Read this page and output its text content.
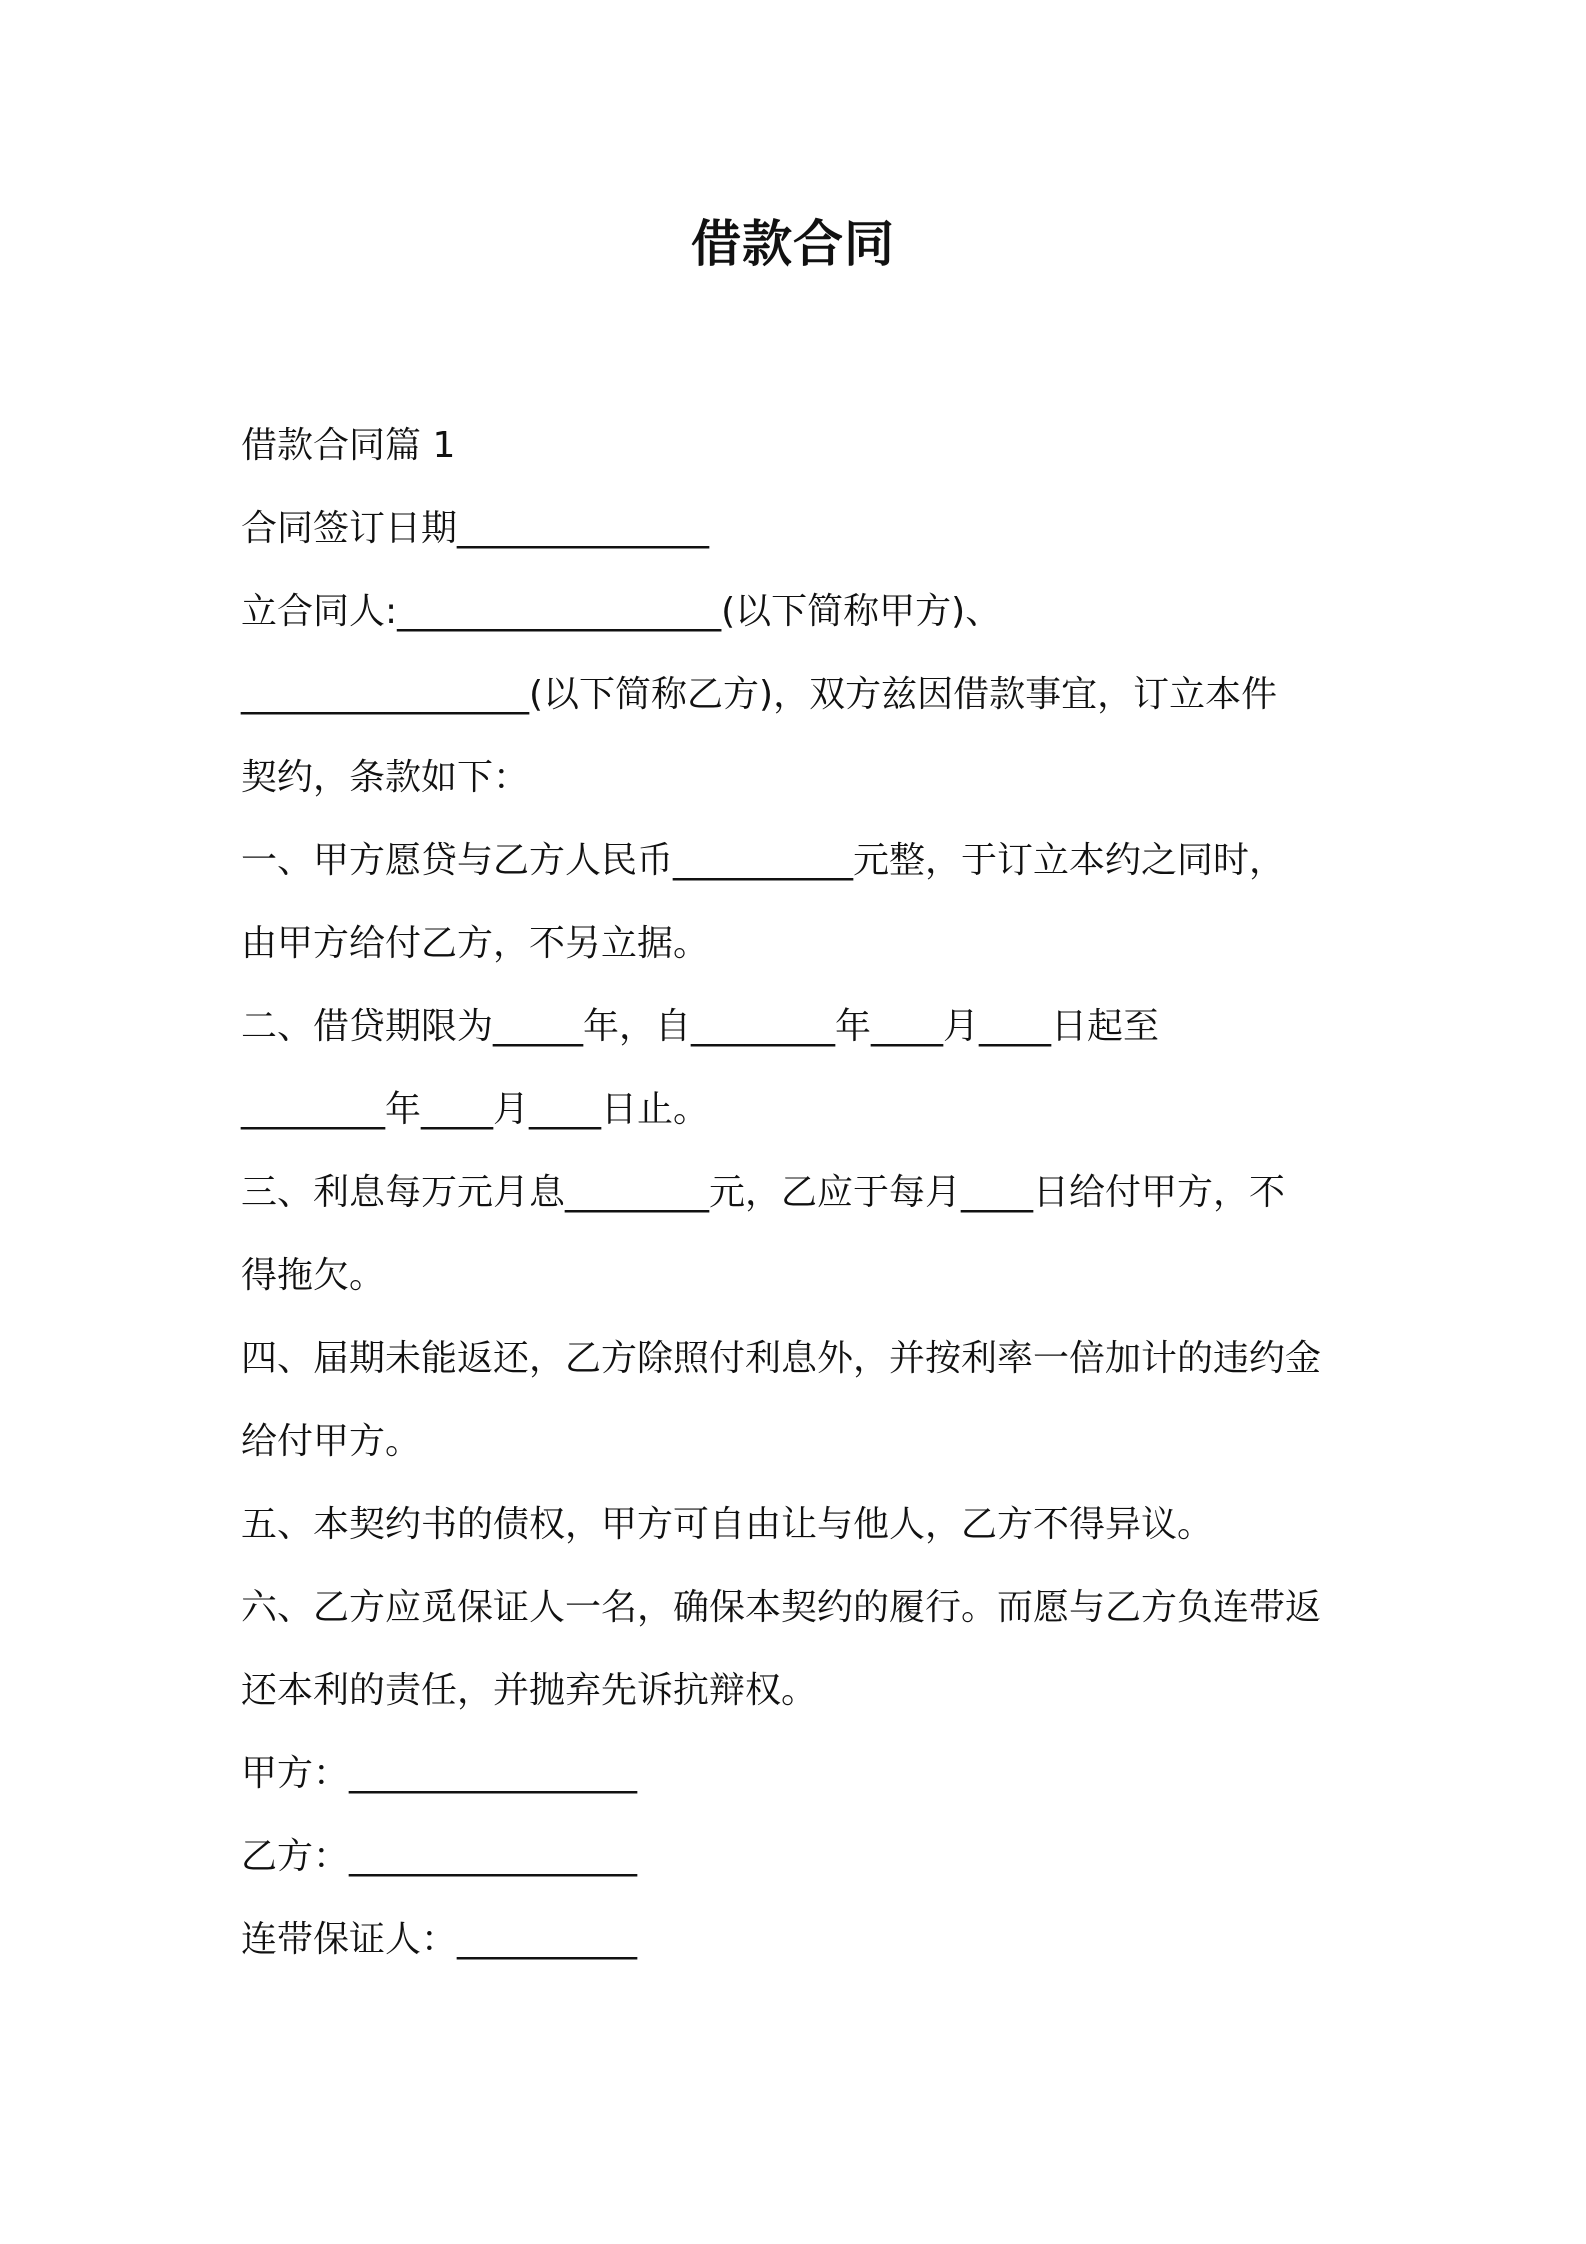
借款合同
借款合同篇 1
合同签订日期______________
立合同人:__________________(以下简称甲方)、
________________(以下简称乙方)，双方兹因借款事宜，订立本件
契约，条款如下：
一、甲方愿贷与乙方人民币__________元整，于订立本约之同时，
由甲方给付乙方，不另立据。
二、借贷期限为_____年，自________年____月____日起至
________年____月____日止。
三、利息每万元月息________元，乙应于每月____日给付甲方，不
得拖欠。
四、届期未能返还，乙方除照付利息外，并按利率一倍加计的违约金
给付甲方。
五、本契约书的债权，甲方可自由让与他人，乙方不得异议。
六、乙方应觅保证人一名，确保本契约的履行。而愿与乙方负连带返
还本利的责任，并抛弃先诉抗辩权。
甲方：________________
乙方：________________
连带保证人：__________
